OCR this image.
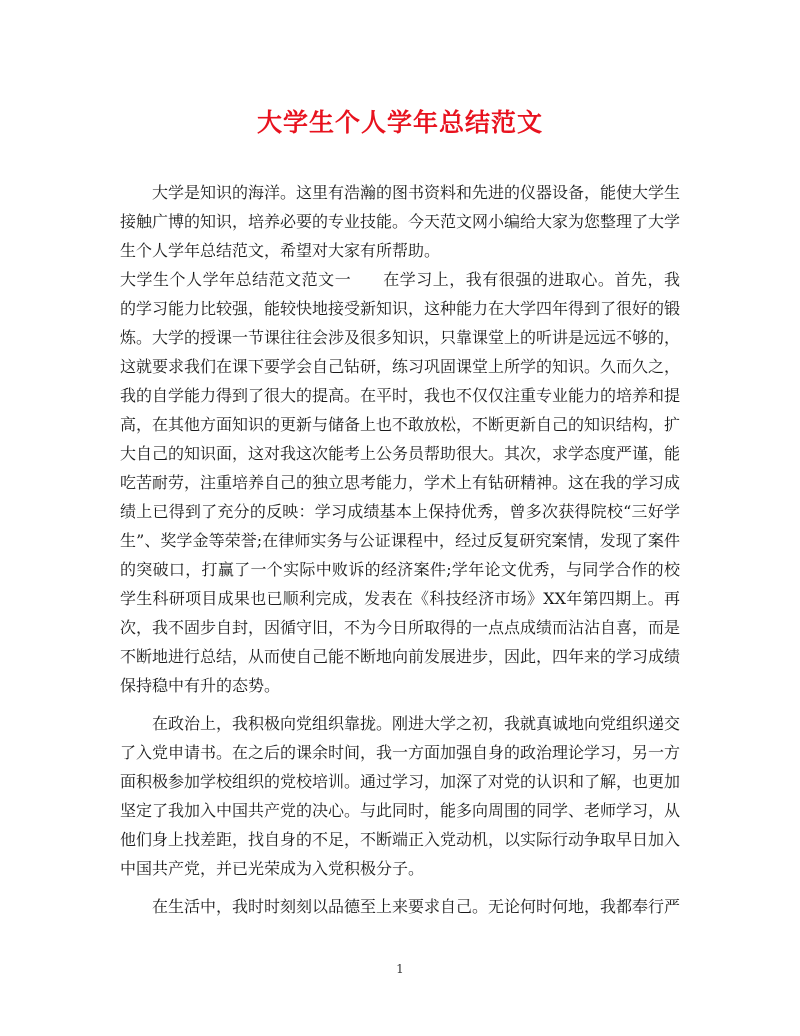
大学生个人学年总结范文

大学是知识的海洋。这里有浩瀚的图书资料和先进的仪器设备，能使大学生接触广博的知识，培养必要的专业技能。今天范文网小编给大家为您整理了大学生个人学年总结范文，希望对大家有所帮助。

大学生个人学年总结范文范文一 在学习上，我有很强的进取心。首先，我的学习能力比较强，能较快地接受新知识，这种能力在大学四年得到了很好的锻炼。大学的授课一节课往往会涉及很多知识，只靠课堂上的听讲是远远不够的，这就要求我们在课下要学会自己钻研，练习巩固课堂上所学的知识。久而久之，我的自学能力得到了很大的提高。在平时，我也不仅仅注重专业能力的培养和提高，在其他方面知识的更新与储备上也不敢放松，不断更新自己的知识结构，扩大自己的知识面，这对我这次能考上公务员帮助很大。其次，求学态度严谨，能吃苦耐劳，注重培养自己的独立思考能力，学术上有钻研精神。这在我的学习成绩上已得到了充分的反映：学习成绩基本上保持优秀，曾多次获得院校“三好学生”、奖学金等荣誉;在律师实务与公证课程中，经过反复研究案情，发现了案件的突破口，打赢了一个实际中败诉的经济案件;学年论文优秀，与同学合作的校学生科研项目成果也已顺利完成，发表在《科技经济市场》XX年第四期上。再次，我不固步自封，因循守旧，不为今日所取得的一点点成绩而沾沾自喜，而是不断地进行总结，从而使自己能不断地向前发展进步，因此，四年来的学习成绩保持稳中有升的态势。

在政治上，我积极向党组织靠拢。刚进大学之初，我就真诚地向党组织递交了入党申请书。在之后的课余时间，我一方面加强自身的政治理论学习，另一方面积极参加学校组织的党校培训。通过学习，加深了对党的认识和了解，也更加坚定了我加入中国共产党的决心。与此同时，能多向周围的同学、老师学习，从他们身上找差距，找自身的不足，不断端正入党动机，以实际行动争取早日加入中国共产党，并已光荣成为入党积极分子。

在生活中，我时时刻刻以品德至上来要求自己。无论何时何地，我都奉行严

1
